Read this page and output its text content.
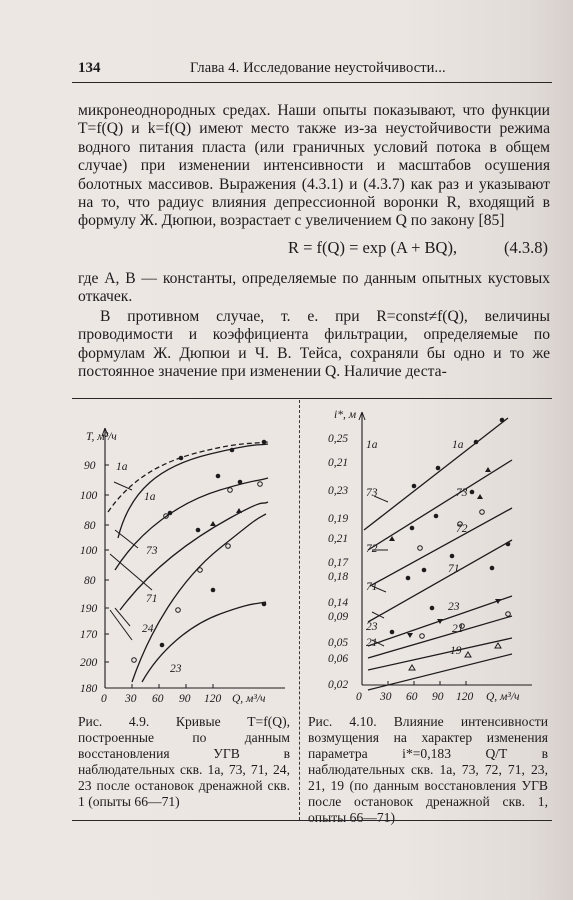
134	Глава 4. Исследование неустойчивости...

микронеоднородных средах. Наши опыты показывают, что функции T=f(Q) и k=f(Q) имеют место также из-за неустойчивости режима водного питания пласта (или граничных условий потока в общем случае) при изменении интенсивности и масштабов осушения болотных массивов. Выражения (4.3.1) и (4.3.7) как раз и указывают на то, что радиус влияния депрессионной воронки R, входящий в формулу Ж. Дюпюи, возрастает с увеличением Q по закону [85]

R = f(Q) = exp (A + BQ),	(4.3.8)

где A, B — константы, определяемые по данным опытных кустовых откачек.

В противном случае, т. е. при R=const≠f(Q), величины проводимости и коэффициента фильтрации, определяемые по формулам Ж. Дюпюи и Ч. В. Тейса, сохраняли бы одно и то же постоянное значение при изменении Q. Наличие деста-

T, м²/ч
Q, м³/ч
90
100
80
100
80
190
170
200
180
0 30 60 90 120
1a
1a
73
71
24
23
Рис. 4.9. Кривые T=f(Q), построенные по данным восстановления УГВ в наблюдательных скв. 1а, 73, 71, 24, 23 после остановок дренажной скв. 1 (опыты 66—71)
i*, м
Q, м³/ч
0,25
0,21
0,23
0,19
0,21
0,17
0,18
0,14
0,09
0,05
0,06
0,02
0 30 60 90 120
1a	1a
73	73
72
72
71
71
23
23
21
21
19
Рис. 4.10. Влияние интенсивности возмущения на характер изменения параметра i*=0,183 Q/T в наблюдательных скв. 1а, 73, 72, 71, 23, 21, 19 (по данным восстановления УГВ после остановок дренажной скв. 1, опыты 66—71)
